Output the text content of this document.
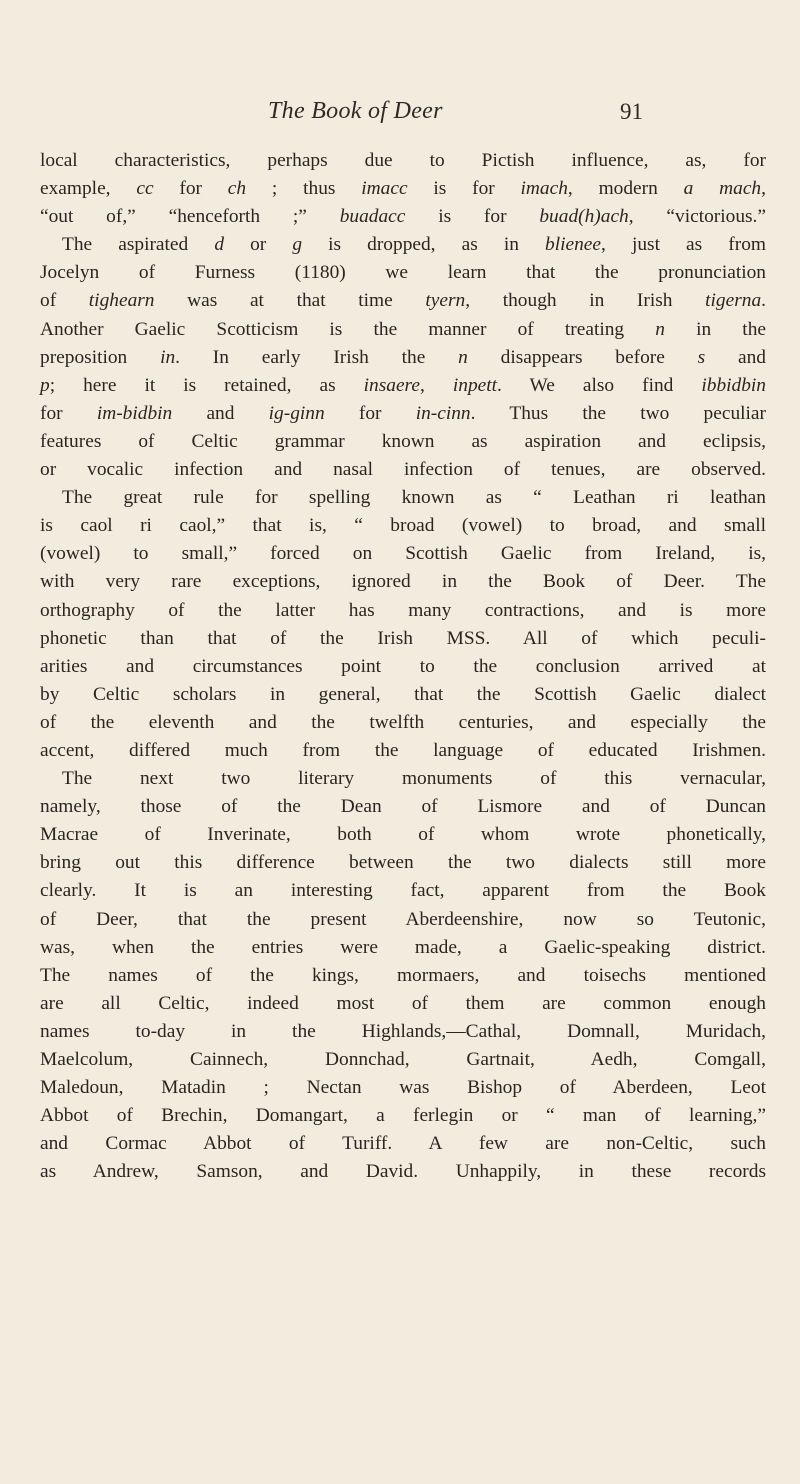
The Book of Deer	91
local characteristics, perhaps due to Pictish influence, as, for
example, cc for ch ; thus imacc is for imach, modern a mach,
“out of,” “henceforth ;” buadacc is for buad(h)ach, “victorious.”
The aspirated d or g is dropped, as in blienee, just as from
Jocelyn of Furness (1180) we learn that the pronunciation
of tighearn was at that time tyern, though in Irish tigerna.
Another Gaelic Scotticism is the manner of treating n in the
preposition in. In early Irish the n disappears before s and
p; here it is retained, as insaere, inpett. We also find ibbidbin
for im-bidbin and ig-ginn for in-cinn. Thus the two peculiar
features of Celtic grammar known as aspiration and eclipsis,
or vocalic infection and nasal infection of tenues, are observed.
The great rule for spelling known as “ Leathan ri leathan
is caol ri caol,” that is, “ broad (vowel) to broad, and small
(vowel) to small,” forced on Scottish Gaelic from Ireland, is,
with very rare exceptions, ignored in the Book of Deer. The
orthography of the latter has many contractions, and is more
phonetic than that of the Irish MSS. All of which peculi-
arities and circumstances point to the conclusion arrived at
by Celtic scholars in general, that the Scottish Gaelic dialect
of the eleventh and the twelfth centuries, and especially the
accent, differed much from the language of educated Irishmen.
The next two literary monuments of this vernacular,
namely, those of the Dean of Lismore and of Duncan
Macrae of Inverinate, both of whom wrote phonetically,
bring out this difference between the two dialects still more
clearly. It is an interesting fact, apparent from the Book
of Deer, that the present Aberdeenshire, now so Teutonic,
was, when the entries were made, a Gaelic-speaking district.
The names of the kings, mormaers, and toisechs mentioned
are all Celtic, indeed most of them are common enough
names to-day in the Highlands,—Cathal, Domnall, Muridach,
Maelcolum, Cainnech, Donnchad, Gartnait, Aedh, Comgall,
Maledoun, Matadin ; Nectan was Bishop of Aberdeen, Leot
Abbot of Brechin, Domangart, a ferlegin or “ man of learning,”
and Cormac Abbot of Turiff. A few are non-Celtic, such
as Andrew, Samson, and David. Unhappily, in these records
